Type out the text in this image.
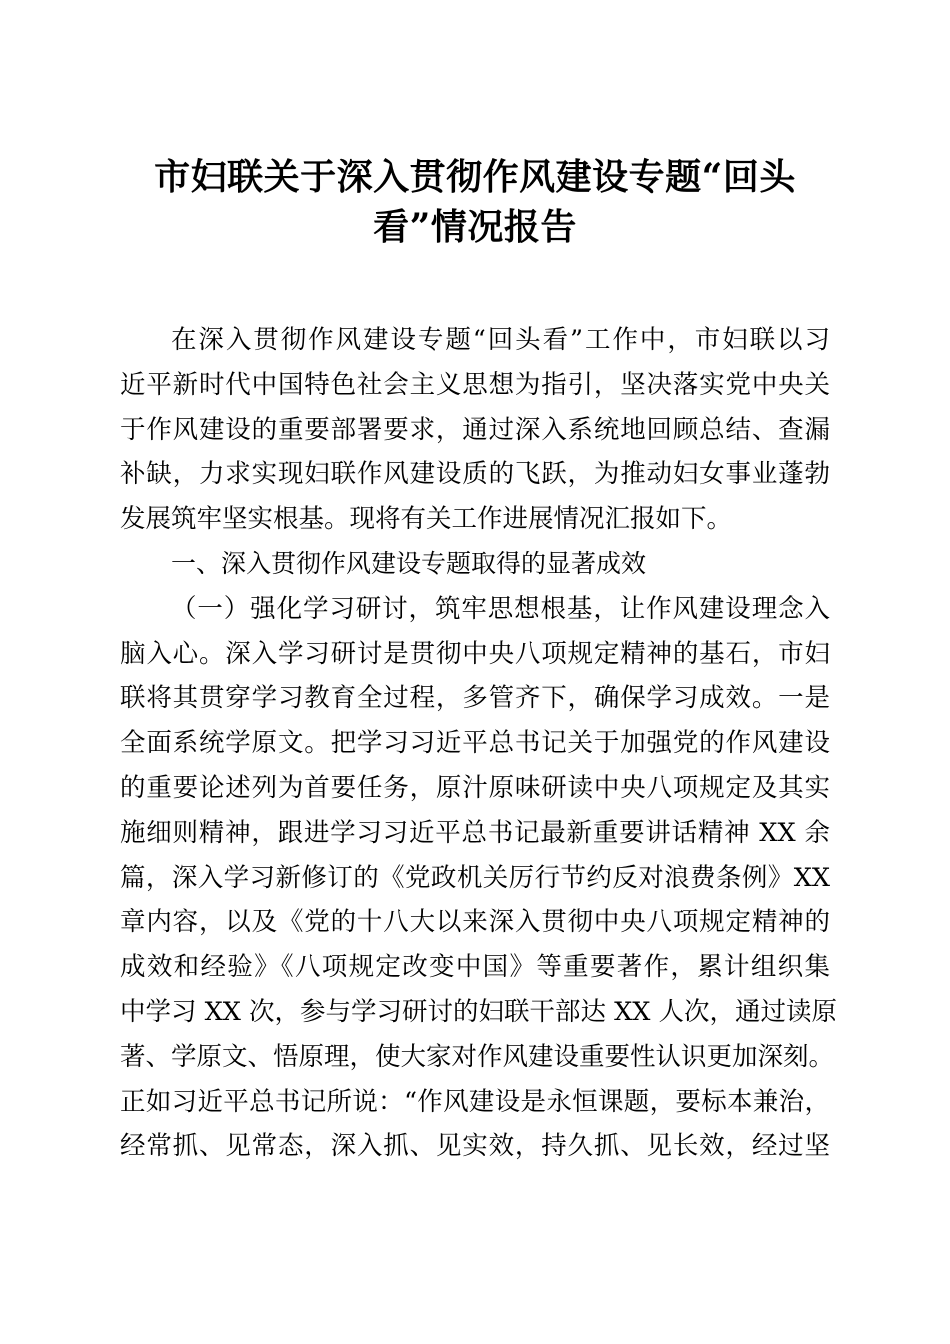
市妇联关于深入贯彻作风建设专题“回头
看”情况报告
在深入贯彻作风建设专题“回头看”工作中，市妇联以习
近平新时代中国特色社会主义思想为指引，坚决落实党中央关
于作风建设的重要部署要求，通过深入系统地回顾总结、查漏
补缺，力求实现妇联作风建设质的飞跃，为推动妇女事业蓬勃
发展筑牢坚实根基。现将有关工作进展情况汇报如下。
一、深入贯彻作风建设专题取得的显著成效
（一）强化学习研讨，筑牢思想根基，让作风建设理念入
脑入心。深入学习研讨是贯彻中央八项规定精神的基石，市妇
联将其贯穿学习教育全过程，多管齐下，确保学习成效。一是
全面系统学原文。把学习习近平总书记关于加强党的作风建设
的重要论述列为首要任务，原汁原味研读中央八项规定及其实
施细则精神，跟进学习习近平总书记最新重要讲话精神 XX 余
篇，深入学习新修订的《党政机关厉行节约反对浪费条例》XX
章内容，以及《党的十八大以来深入贯彻中央八项规定精神的
成效和经验》《八项规定改变中国》等重要著作，累计组织集
中学习 XX 次，参与学习研讨的妇联干部达 XX 人次，通过读原
著、学原文、悟原理，使大家对作风建设重要性认识更加深刻。
正如习近平总书记所说：“作风建设是永恒课题，要标本兼治，
经常抓、见常态，深入抓、见实效，持久抓、见长效，经过坚
